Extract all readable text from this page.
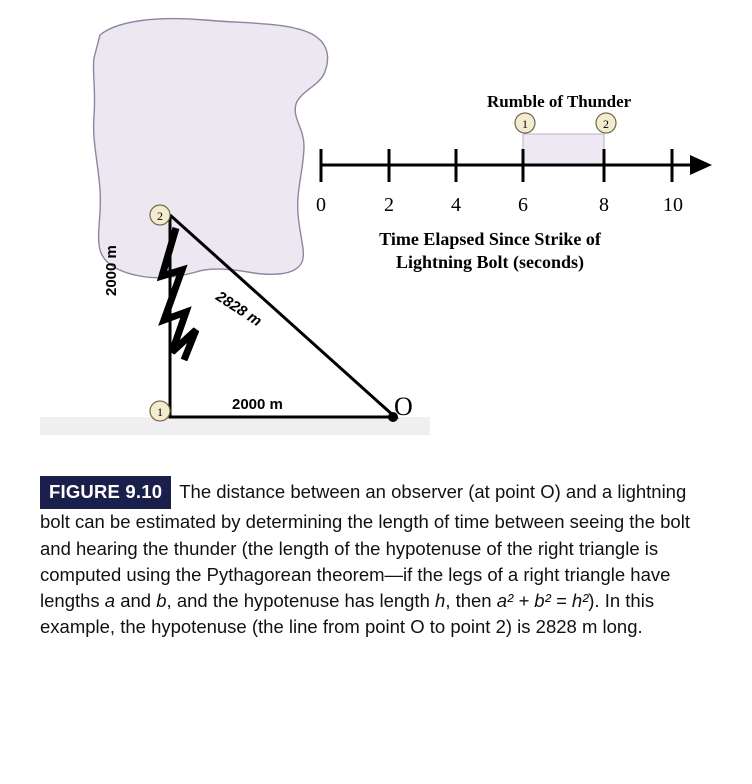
2
1
1	2
Rumble of Thunder
0	2	4	6	8	10
Time Elapsed Since Strike of
Lightning Bolt (seconds)
2000 m
2000 m
2828 m
O
FIGURE 9.10 The distance between an observer (at point O) and a lightning bolt can be estimated by determining the length of time between seeing the bolt and hearing the thunder (the length of the hypotenuse of the right triangle is computed using the Pythagorean theorem—if the legs of a right triangle have lengths a and b, and the hypotenuse has length h, then a² + b² = h²). In this example, the hypotenuse (the line from point O to point 2) is 2828 m long.
